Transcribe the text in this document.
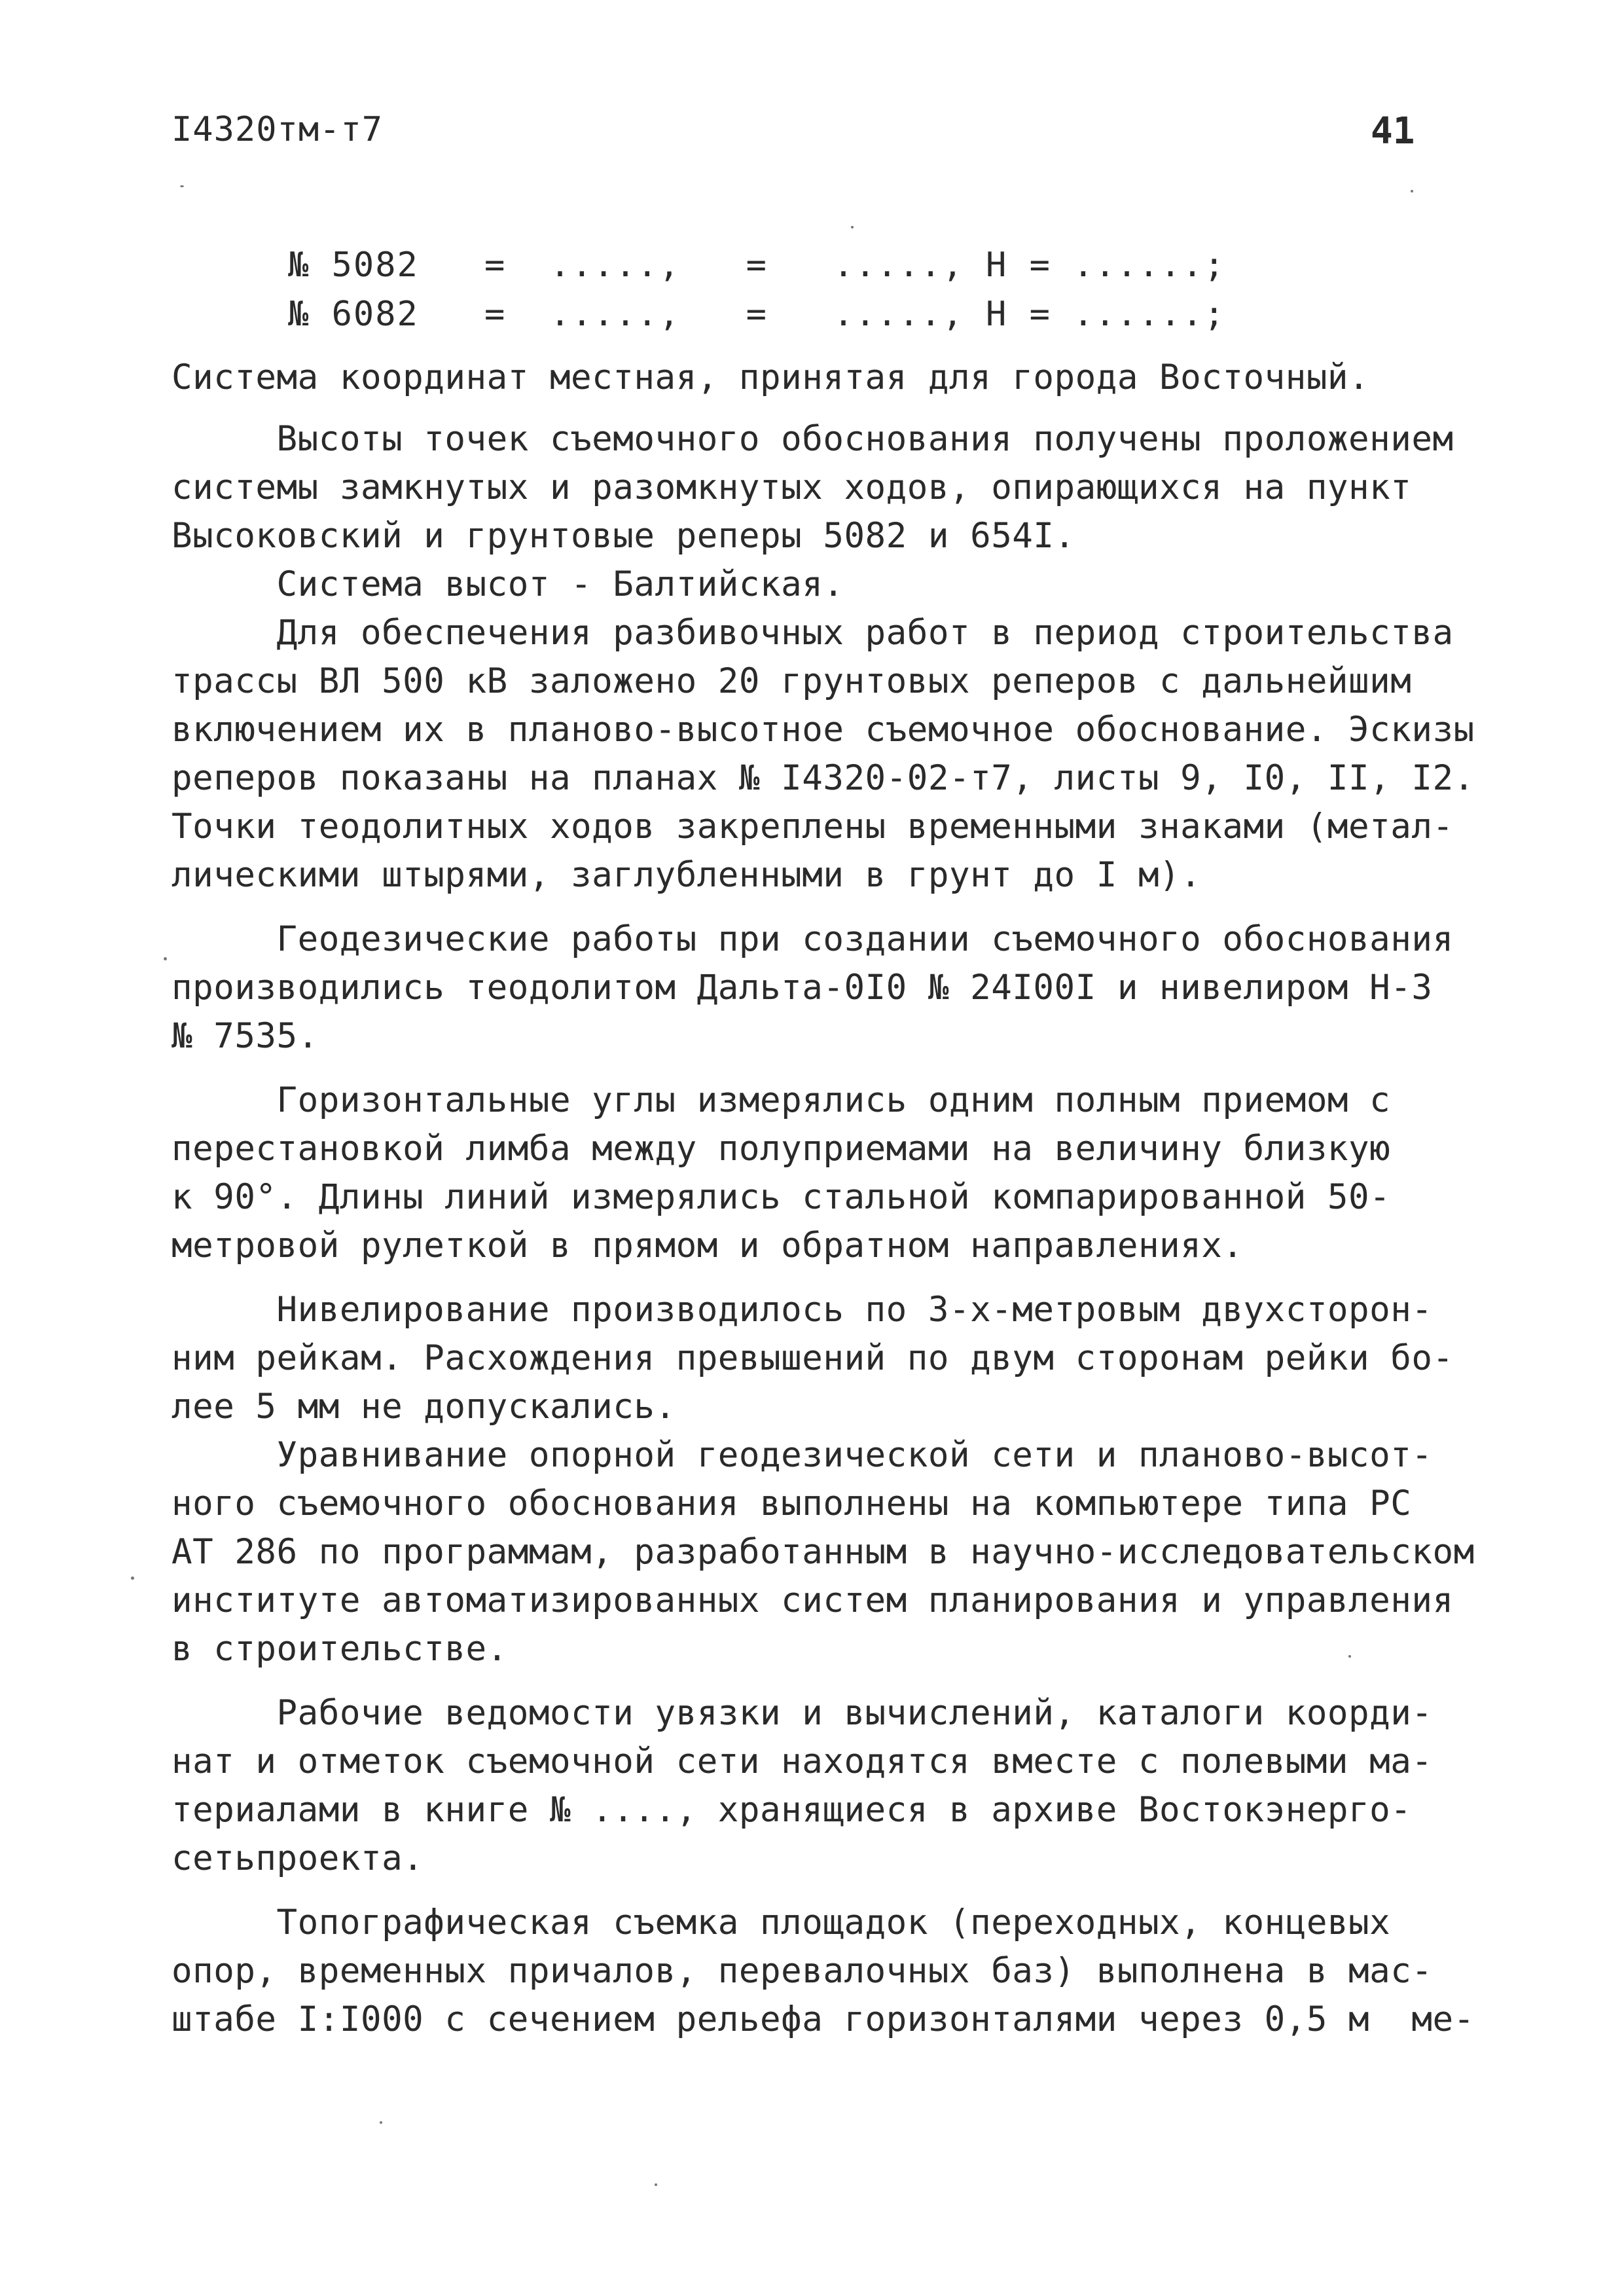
I4320тм-т7	41
№ 5082 =  .....,   =   ....., Н = ......;
№ 6082 =  .....,   =   ....., Н = ......;
Система координат местная, принятая для города Восточный.
Высоты точек съемочного обоснования получены проложением
системы замкнутых и разомкнутых ходов, опирающихся на пункт
Высоковский и грунтовые реперы 5082 и 654I.
Система высот - Балтийская.
Для обеспечения разбивочных работ в период строительства
трассы ВЛ 500 кВ заложено 20 грунтовых реперов с дальнейшим
включением их в планово-высотное съемочное обоснование. Эскизы
реперов показаны на планах № I4320-02-т7, листы 9, I0, II, I2.
Точки теодолитных ходов закреплены временными знаками (метал-
лическими штырями, заглубленными в грунт до I м).
Геодезические работы при создании съемочного обоснования
производились теодолитом Дальта-0I0 № 24I00I и нивелиром Н-3
№ 7535.
Горизонтальные углы измерялись одним полным приемом с
перестановкой лимба между полуприемами на величину близкую
к 90°. Длины линий измерялись стальной компарированной 50-
метровой рулеткой в прямом и обратном направлениях.
Нивелирование производилось по 3-х-метровым двухсторон-
ним рейкам. Расхождения превышений по двум сторонам рейки бо-
лее 5 мм не допускались.
Уравнивание опорной геодезической сети и планово-высот-
ного съемочного обоснования выполнены на компьютере типа РС
АТ 286 по программам, разработанным в научно-исследовательском
институте автоматизированных систем планирования и управления
в строительстве.
Рабочие ведомости увязки и вычислений, каталоги коорди-
нат и отметок съемочной сети находятся вместе с полевыми ма-
териалами в книге № ...., хранящиеся в архиве Востокэнерго-
сетьпроекта.
Топографическая съемка площадок (переходных, концевых
опор, временных причалов, перевалочных баз) выполнена в мас-
штабе I:I000 с сечением рельефа горизонталями через 0,5 м  ме-
